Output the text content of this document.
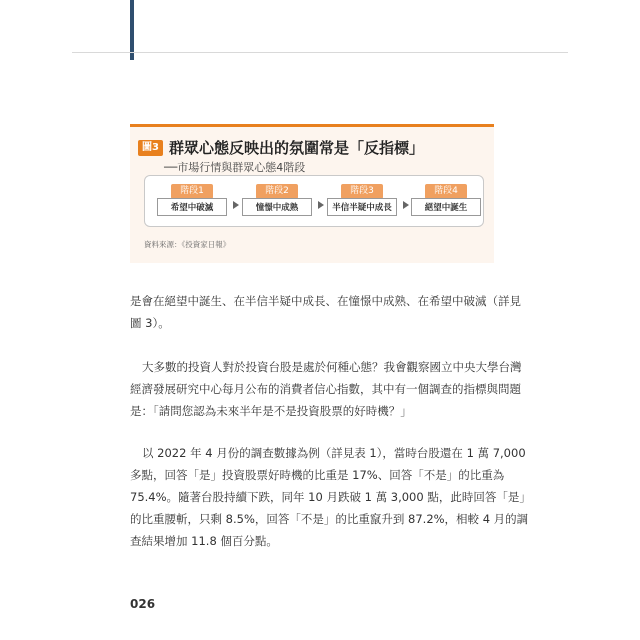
圖3 群眾心態反映出的氛圍常是「反指標」
──市場行情與群眾心態4階段
階段1
希望中破滅
階段2
憧憬中成熟
階段3
半信半疑中成長
階段4
絕望中誕生
資料來源：《投資家日報》
是會在絕望中誕生、在半信半疑中成長、在憧憬中成熟、在希望中破滅（詳見
圖 3）。
大多數的投資人對於投資台股是處於何種心態？我會觀察國立中央大學台灣
經濟發展研究中心每月公布的消費者信心指數，其中有一個調查的指標與問題
是：「請問您認為未來半年是不是投資股票的好時機？」
以 2022 年 4 月份的調查數據為例（詳見表 1），當時台股還在 1 萬 7,000
多點，回答「是」投資股票好時機的比重是 17%、回答「不是」的比重為
75.4%。隨著台股持續下跌，同年 10 月跌破 1 萬 3,000 點，此時回答「是」
的比重腰斬，只剩 8.5%，回答「不是」的比重竄升到 87.2%，相較 4 月的調
查結果增加 11.8 個百分點。
026
